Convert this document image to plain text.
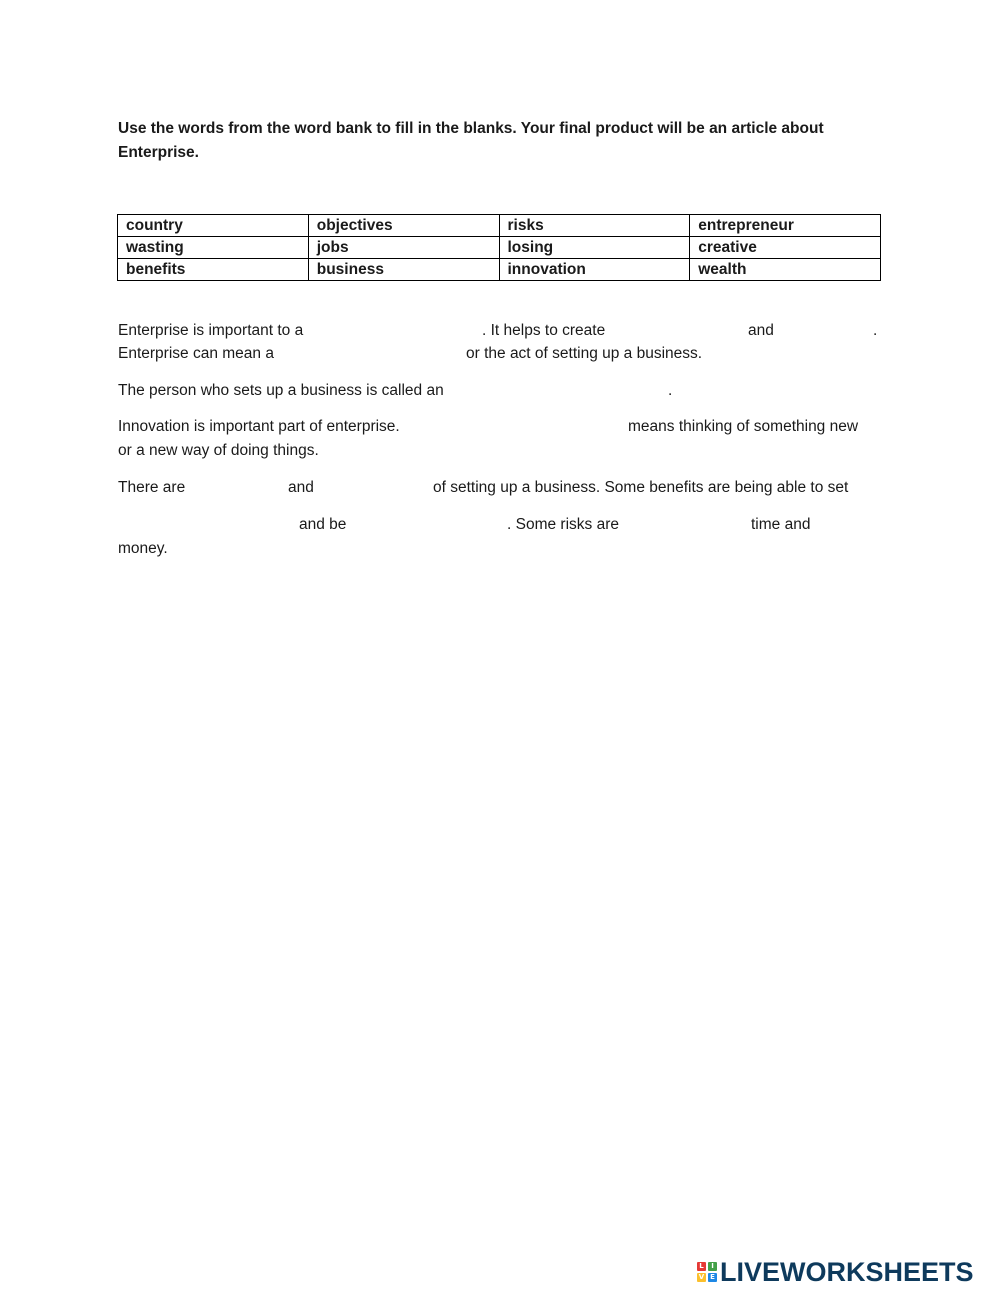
Use the words from the word bank to fill in the blanks. Your final product will be an article about Enterprise.
country	objectives	risks	entrepreneur
wasting	jobs	losing	creative
benefits	business	innovation	wealth
Enterprise is important to a	. It helps to create	and	.
Enterprise can mean a	or the act of setting up a business.
The person who sets up a business is called an	.
Innovation is important part of enterprise.	means thinking of something new
or a new way of doing things.
There are	and	of setting up a business. Some benefits are being able to set
and be	. Some risks are	time and
money.
L	I
V E LIVEWORKSHEETS
